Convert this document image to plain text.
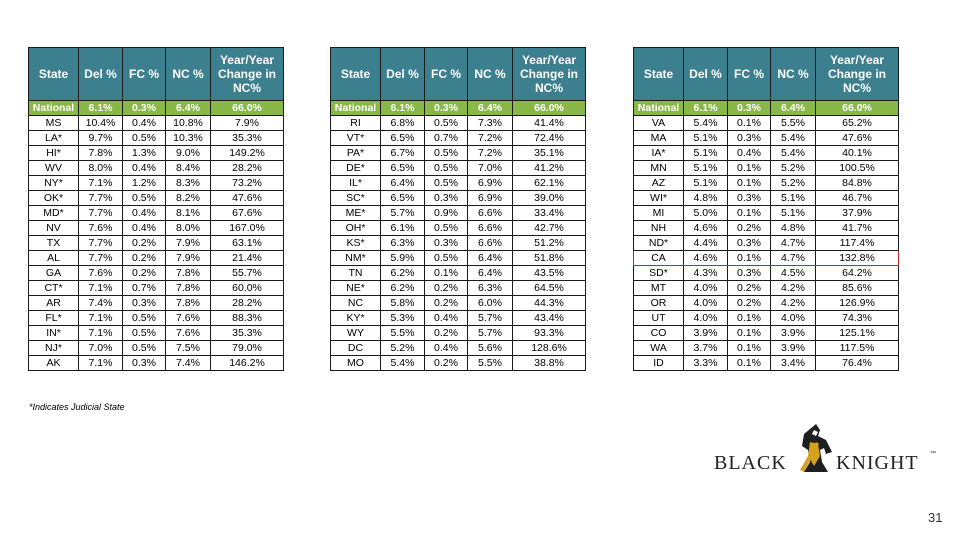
State	Del %	FC %	NC %	Year/Year Change in NC%
National	6.1%	0.3%	6.4%	66.0%
MS	10.4%	0.4%	10.8%	7.9%
LA*	9.7%	0.5%	10.3%	35.3%
HI*	7.8%	1.3%	9.0%	149.2%
WV	8.0%	0.4%	8.4%	28.2%
NY*	7.1%	1.2%	8.3%	73.2%
OK*	7.7%	0.5%	8.2%	47.6%
MD*	7.7%	0.4%	8.1%	67.6%
NV	7.6%	0.4%	8.0%	167.0%
TX	7.7%	0.2%	7.9%	63.1%
AL	7.7%	0.2%	7.9%	21.4%
GA	7.6%	0.2%	7.8%	55.7%
CT*	7.1%	0.7%	7.8%	60.0%
AR	7.4%	0.3%	7.8%	28.2%
FL*	7.1%	0.5%	7.6%	88.3%
IN*	7.1%	0.5%	7.6%	35.3%
NJ*	7.0%	0.5%	7.5%	79.0%
AK	7.1%	0.3%	7.4%	146.2%
State	Del %	FC %	NC %	Year/Year Change in NC%
National	6.1%	0.3%	6.4%	66.0%
RI	6.8%	0.5%	7.3%	41.4%
VT*	6.5%	0.7%	7.2%	72.4%
PA*	6.7%	0.5%	7.2%	35.1%
DE*	6.5%	0.5%	7.0%	41.2%
IL*	6.4%	0.5%	6.9%	62.1%
SC*	6.5%	0.3%	6.9%	39.0%
ME*	5.7%	0.9%	6.6%	33.4%
OH*	6.1%	0.5%	6.6%	42.7%
KS*	6.3%	0.3%	6.6%	51.2%
NM*	5.9%	0.5%	6.4%	51.8%
TN	6.2%	0.1%	6.4%	43.5%
NE*	6.2%	0.2%	6.3%	64.5%
NC	5.8%	0.2%	6.0%	44.3%
KY*	5.3%	0.4%	5.7%	43.4%
WY	5.5%	0.2%	5.7%	93.3%
DC	5.2%	0.4%	5.6%	128.6%
MO	5.4%	0.2%	5.5%	38.8%
State	Del %	FC %	NC %	Year/Year Change in NC%
National	6.1%	0.3%	6.4%	66.0%
VA	5.4%	0.1%	5.5%	65.2%
MA	5.1%	0.3%	5.4%	47.6%
IA*	5.1%	0.4%	5.4%	40.1%
MN	5.1%	0.1%	5.2%	100.5%
AZ	5.1%	0.1%	5.2%	84.8%
WI*	4.8%	0.3%	5.1%	46.7%
MI	5.0%	0.1%	5.1%	37.9%
NH	4.6%	0.2%	4.8%	41.7%
ND*	4.4%	0.3%	4.7%	117.4%
CA	4.6%	0.1%	4.7%	132.8%
SD*	4.3%	0.3%	4.5%	64.2%
MT	4.0%	0.2%	4.2%	85.6%
OR	4.0%	0.2%	4.2%	126.9%
UT	4.0%	0.1%	4.0%	74.3%
CO	3.9%	0.1%	3.9%	125.1%
WA	3.7%	0.1%	3.9%	117.5%
ID	3.3%	0.1%	3.4%	76.4%
*Indicates Judicial State
BLACK KNIGHT ™
31
